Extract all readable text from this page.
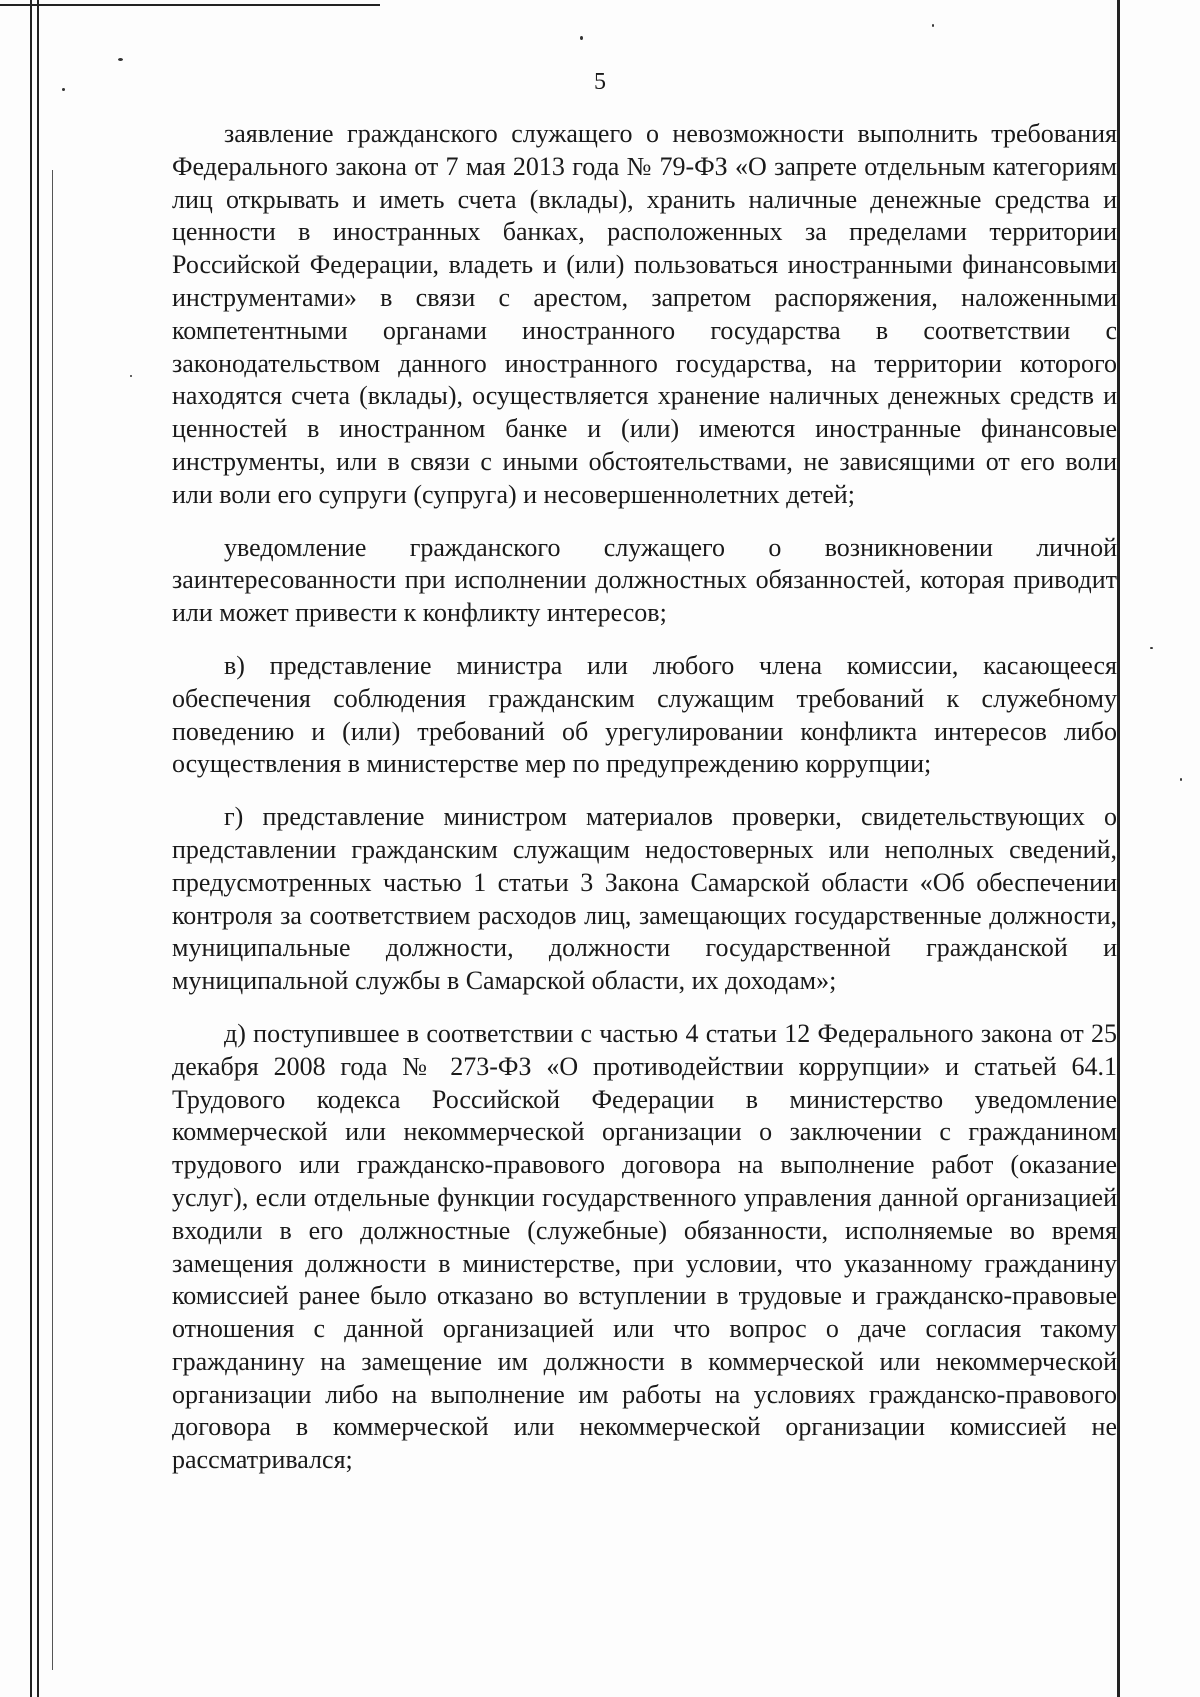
5

заявление гражданского служащего о невозможности выполнить требования Федерального закона от 7 мая 2013 года № 79-ФЗ «О запрете отдельным категориям лиц открывать и иметь счета (вклады), хранить наличные денежные средства и ценности в иностранных банках, расположенных за пределами территории Российской Федерации, владеть и (или) пользоваться иностранными финансовыми инструментами» в связи с арестом, запретом распоряжения, наложенными компетентными органами иностранного государства в соответствии с законодательством данного иностранного государства, на территории которого находятся счета (вклады), осуществляется хранение наличных денежных средств и ценностей в иностранном банке и (или) имеются иностранные финансовые инструменты, или в связи с иными обстоятельствами, не зависящими от его воли или воли его супруги (супруга) и несовершеннолетних детей;

уведомление гражданского служащего о возникновении личной заинтересованности при исполнении должностных обязанностей, которая приводит или может привести к конфликту интересов;

в) представление министра или любого члена комиссии, касающееся обеспечения соблюдения гражданским служащим требований к служебному поведению и (или) требований об урегулировании конфликта интересов либо осуществления в министерстве мер по предупреждению коррупции;

г) представление министром материалов проверки, свидетельствующих о представлении гражданским служащим недостоверных или неполных сведений, предусмотренных частью 1 статьи 3 Закона Самарской области «Об обеспечении контроля за соответствием расходов лиц, замещающих государственные должности, муниципальные должности, должности государственной гражданской и муниципальной службы в Самарской области, их доходам»;

д) поступившее в соответствии с частью 4 статьи 12 Федерального закона от 25 декабря 2008 года № 273-ФЗ «О противодействии коррупции» и статьей 64.1 Трудового кодекса Российской Федерации в министерство уведомление коммерческой или некоммерческой организации о заключении с гражданином трудового или гражданско-правового договора на выполнение работ (оказание услуг), если отдельные функции государственного управления данной организацией входили в его должностные (служебные) обязанности, исполняемые во время замещения должности в министерстве, при условии, что указанному гражданину комиссией ранее было отказано во вступлении в трудовые и гражданско-правовые отношения с данной организацией или что вопрос о даче согласия такому гражданину на замещение им должности в коммерческой или некоммерческой организации либо на выполнение им работы на условиях гражданско-правового договора в коммерческой или некоммерческой организации комиссией не рассматривался;
